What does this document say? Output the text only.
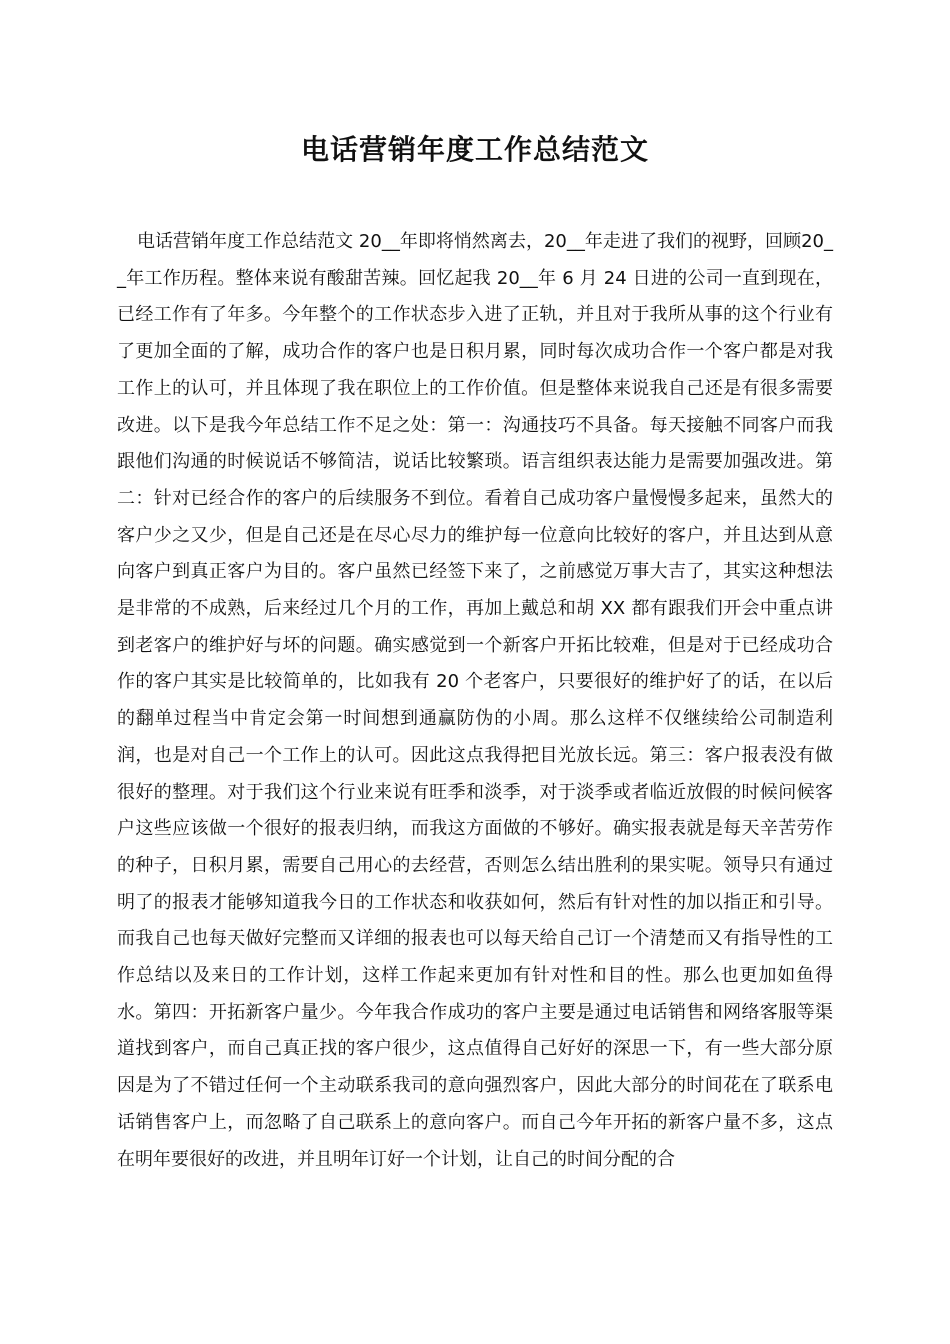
电话营销年度工作总结范文

电话营销年度工作总结范文 20__年即将悄然离去，20__年走进了我们的视野，回顾20__年工作历程。整体来说有酸甜苦辣。回忆起我 20__年 6 月 24 日进的公司一直到现在，已经工作有了年多。今年整个的工作状态步入进了正轨，并且对于我所从事的这个行业有了更加全面的了解，成功合作的客户也是日积月累，同时每次成功合作一个客户都是对我工作上的认可，并且体现了我在职位上的工作价值。但是整体来说我自己还是有很多需要改进。以下是我今年总结工作不足之处：第一：沟通技巧不具备。每天接触不同客户而我跟他们沟通的时候说话不够简洁，说话比较繁琐。语言组织表达能力是需要加强改进。第二：针对已经合作的客户的后续服务不到位。看着自己成功客户量慢慢多起来，虽然大的客户少之又少，但是自己还是在尽心尽力的维护每一位意向比较好的客户，并且达到从意向客户到真正客户为目的。客户虽然已经签下来了，之前感觉万事大吉了，其实这种想法是非常的不成熟，后来经过几个月的工作，再加上戴总和胡 XX 都有跟我们开会中重点讲到老客户的维护好与坏的问题。确实感觉到一个新客户开拓比较难，但是对于已经成功合作的客户其实是比较简单的，比如我有 20 个老客户，只要很好的维护好了的话，在以后的翻单过程当中肯定会第一时间想到通赢防伪的小周。那么这样不仅继续给公司制造利润，也是对自己一个工作上的认可。因此这点我得把目光放长远。第三：客户报表没有做很好的整理。对于我们这个行业来说有旺季和淡季，对于淡季或者临近放假的时候问候客户这些应该做一个很好的报表归纳，而我这方面做的不够好。确实报表就是每天辛苦劳作的种子，日积月累，需要自己用心的去经营，否则怎么结出胜利的果实呢。领导只有通过明了的报表才能够知道我今日的工作状态和收获如何，然后有针对性的加以指正和引导。而我自己也每天做好完整而又详细的报表也可以每天给自己订一个清楚而又有指导性的工作总结以及来日的工作计划，这样工作起来更加有针对性和目的性。那么也更加如鱼得水。第四：开拓新客户量少。今年我合作成功的客户主要是通过电话销售和网络客服等渠道找到客户，而自己真正找的客户很少，这点值得自己好好的深思一下，有一些大部分原因是为了不错过任何一个主动联系我司的意向强烈客户，因此大部分的时间花在了联系电话销售客户上，而忽略了自己联系上的意向客户。而自己今年开拓的新客户量不多，这点在明年要很好的改进，并且明年订好一个计划，让自己的时间分配的合
